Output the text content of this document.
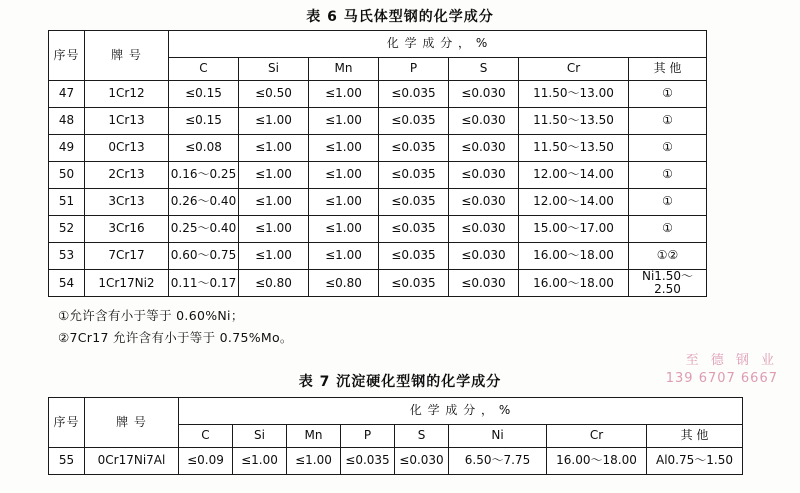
表 6 马氏体型钢的化学成分
序号	牌 号	化 学 成 分 ， %						
		C	Si	Mn	P	S	Cr	其 他
47	1Cr12	≤0.15	≤0.50	≤1.00	≤0.035	≤0.030	11.50～13.00	①
48	1Cr13	≤0.15	≤1.00	≤1.00	≤0.035	≤0.030	11.50～13.50	①
49	0Cr13	≤0.08	≤1.00	≤1.00	≤0.035	≤0.030	11.50～13.50	①
50	2Cr13	0.16～0.25	≤1.00	≤1.00	≤0.035	≤0.030	12.00～14.00	①
51	3Cr13	0.26～0.40	≤1.00	≤1.00	≤0.035	≤0.030	12.00～14.00	①
52	3Cr16	0.25～0.40	≤1.00	≤1.00	≤0.035	≤0.030	15.00～17.00	①
53	7Cr17	0.60～0.75	≤1.00	≤1.00	≤0.035	≤0.030	16.00～18.00	①②
54	1Cr17Ni2	0.11～0.17	≤0.80	≤0.80	≤0.035	≤0.030	16.00～18.00	Ni1.50～2.50
①允许含有小于等于 0.60%Ni；
②7Cr17 允许含有小于等于 0.75%Mo。
至 德 钢 业
139 6707 6667
表 7 沉淀硬化型钢的化学成分
序号	牌 号	化 学 成 分 ， %							
		C	Si	Mn	P	S	Ni	Cr	其 他
55	0Cr17Ni7Al	≤0.09	≤1.00	≤1.00	≤0.035	≤0.030	6.50～7.75	16.00～18.00	Al0.75～1.50
